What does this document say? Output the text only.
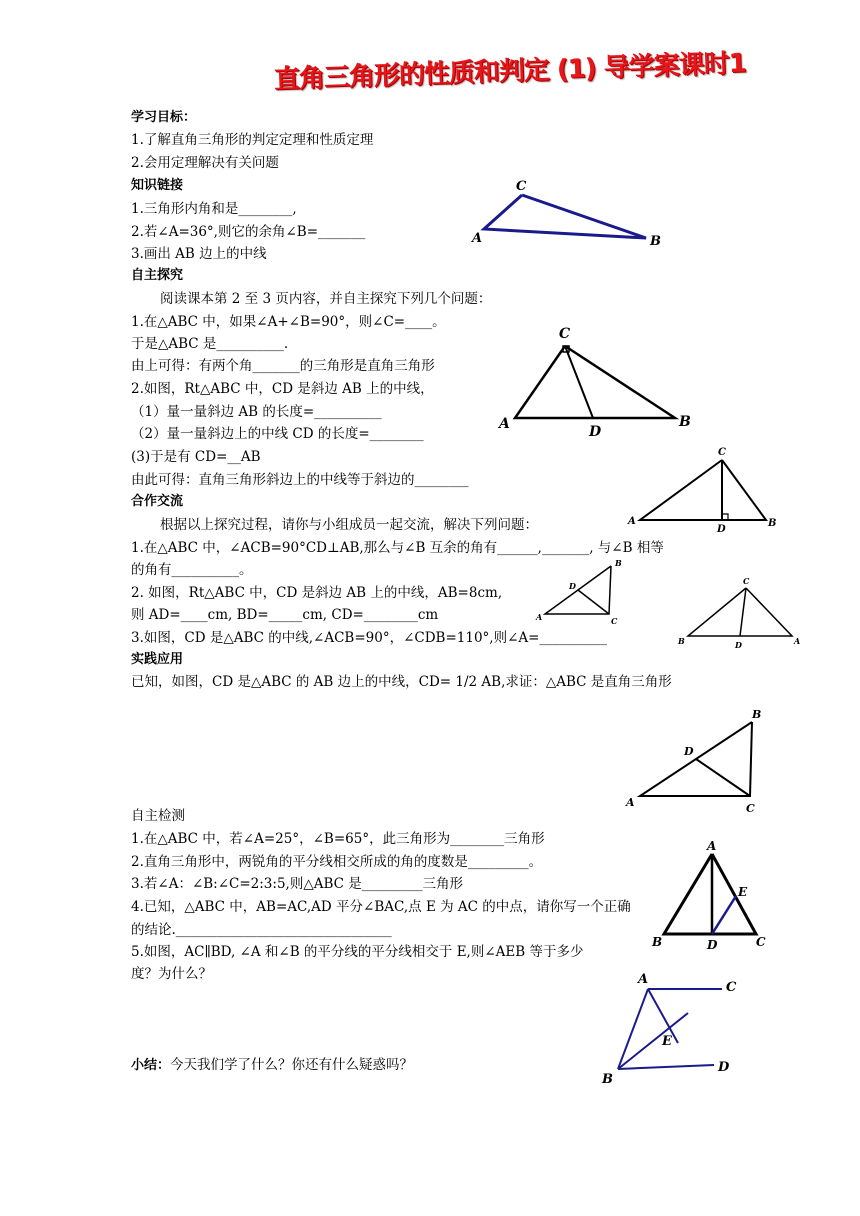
直角三角形的性质和判定 (1) 导学案课时1
学习目标：
1.了解直角三角形的判定定理和性质定理
2.会用定理解决有关问题
知识链接
1.三角形内角和是________,
2.若∠A=36°,则它的余角∠B=_______
3.画出 AB 边上的中线
自主探究
阅读课本第 2 至 3 页内容，并自主探究下列几个问题：
1.在△ABC 中，如果∠A+∠B=90°，则∠C=____。
于是△ABC 是__________.
由上可得：有两个角_______的三角形是直角三角形
2.如图，Rt△ABC 中，CD 是斜边 AB 上的中线，
（1）量一量斜边 AB 的长度=__________
（2）量一量斜边上的中线 CD 的长度=________
(3)于是有 CD=__AB
由此可得：直角三角形斜边上的中线等于斜边的________
合作交流
根据以上探究过程，请你与小组成员一起交流，解决下列问题：
1.在△ABC 中，∠ACB=90°CD⊥AB,那么与∠B 互余的角有______,_______, 与∠B 相等
的角有__________。
2. 如图，Rt△ABC 中，CD 是斜边 AB 上的中线，AB=8cm,
则 AD=____cm, BD=_____cm, CD=________cm
3.如图，CD 是△ABC 的中线,∠ACB=90°，∠CDB=110°,则∠A=__________
实践应用
已知，如图，CD 是△ABC 的 AB 边上的中线，CD= 1/2 AB,求证：△ABC 是直角三角形
自主检测
1.在△ABC 中，若∠A=25°，∠B=65°，此三角形为________三角形
2.直角三角形中，两锐角的平分线相交所成的角的度数是_________。
3.若∠A：∠B:∠C=2:3:5,则△ABC 是_________三角形
4.已知，△ABC 中，AB=AC,AD 平分∠BAC,点 E 为 AC 的中点，请你写一个正确
的结论.________________________________
5.如图，AC∥BD, ∠A 和∠B 的平分线的平分线相交于 E,则∠AEB 等于多少
度？为什么？
小结：今天我们学了什么？你还有什么疑惑吗？
C
A	B
C
A	D
B
C
A
D
B
B
D
A	C
C
B	D	A
B
D
A	C
A
E
B	D	C
A
C
E
B
D
